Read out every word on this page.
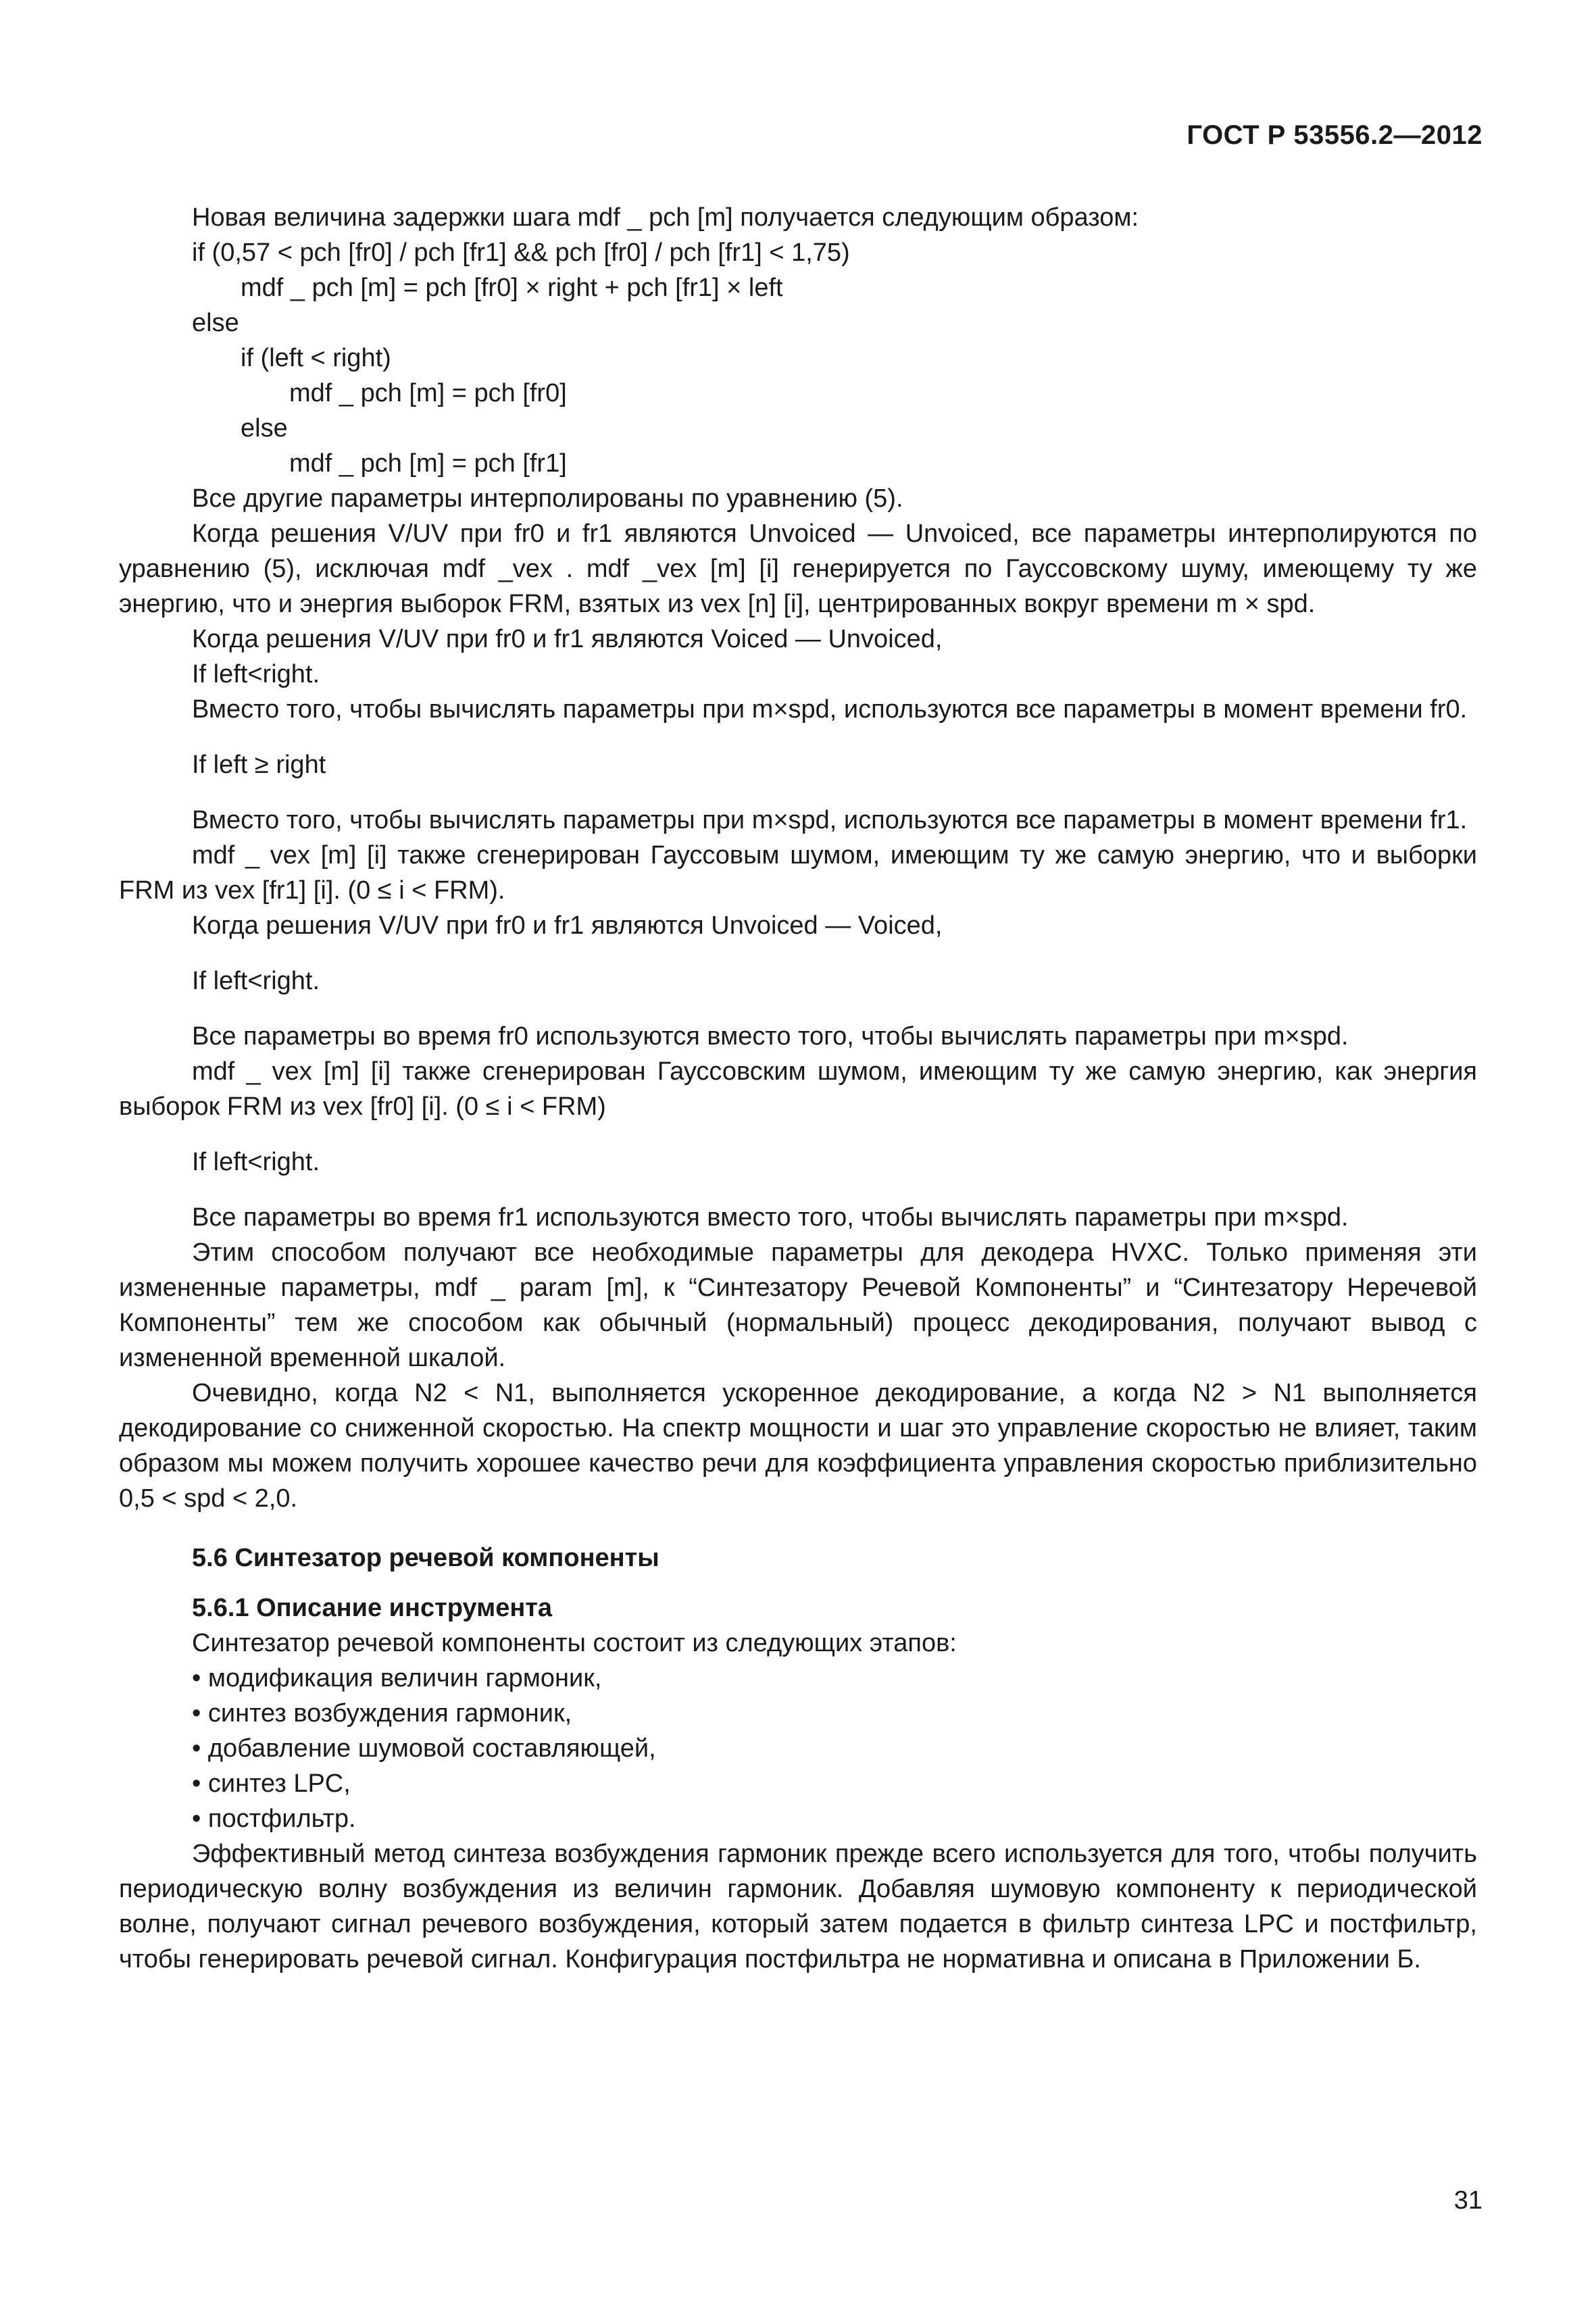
ГОСТ Р 53556.2—2012

Новая величина задержки шага mdf _ pch [m] получается следующим образом:

if (0,57 < pch [fr0] / pch [fr1] && pch [fr0] / pch [fr1] < 1,75)

mdf _ pch [m] = pch [fr0] × right + pch [fr1] × left

else

if (left < right)

mdf _ pch [m] = pch [fr0]

else

mdf _ pch [m] = pch [fr1]

Все другие параметры интерполированы по уравнению (5).

Когда решения V/UV при fr0 и fr1 являются Unvoiced — Unvoiced, все параметры интерполируются по уравнению (5), исключая mdf _vex . mdf _vex [m] [i] генерируется по Гауссовскому шуму, имеющему ту же энергию, что и энергия выборок FRM, взятых из vex [n] [i], центрированных вокруг времени m × spd.

Когда решения V/UV при fr0 и fr1 являются Voiced — Unvoiced,

If left<right.

Вместо того, чтобы вычислять параметры при m×spd, используются все параметры в момент времени fr0.

If left ≥ right

Вместо того, чтобы вычислять параметры при m×spd, используются все параметры в момент времени fr1.

mdf _ vex [m] [i] также сгенерирован Гауссовым шумом, имеющим ту же самую энергию, что и выборки FRM из vex [fr1] [i]. (0 ≤ i < FRM).

Когда решения V/UV при fr0 и fr1 являются Unvoiced — Voiced,

If left<right.

Все параметры во время fr0 используются вместо того, чтобы вычислять параметры при m×spd.

mdf _ vex [m] [i] также сгенерирован Гауссовским шумом, имеющим ту же самую энергию, как энергия выборок FRM из vex [fr0] [i]. (0 ≤ i < FRM)

If left<right.

Все параметры во время fr1 используются вместо того, чтобы вычислять параметры при m×spd.

Этим способом получают все необходимые параметры для декодера HVXC. Только применяя эти измененные параметры, mdf _ param [m], к “Синтезатору Речевой Компоненты” и “Синтезатору Неречевой Компоненты” тем же способом как обычный (нормальный) процесс декодирования, получают вывод с измененной временной шкалой.

Очевидно, когда N2 < N1, выполняется ускоренное декодирование, а когда N2 > N1 выполняется декодирование со сниженной скоростью. На спектр мощности и шаг это управление скоростью не влияет, таким образом мы можем получить хорошее качество речи для коэффициента управления скоростью приблизительно 0,5 < spd < 2,0.

5.6 Синтезатор речевой компоненты

5.6.1 Описание инструмента

Синтезатор речевой компоненты состоит из следующих этапов:

• модификация величин гармоник,

• синтез возбуждения гармоник,

• добавление шумовой составляющей,

• синтез LPC,

• постфильтр.

Эффективный метод синтеза возбуждения гармоник прежде всего используется для того, чтобы получить периодическую волну возбуждения из величин гармоник. Добавляя шумовую компоненту к периодической волне, получают сигнал речевого возбуждения, который затем подается в фильтр синтеза LPC и постфильтр, чтобы генерировать речевой сигнал. Конфигурация постфильтра не нормативна и описана в Приложении Б.

31
